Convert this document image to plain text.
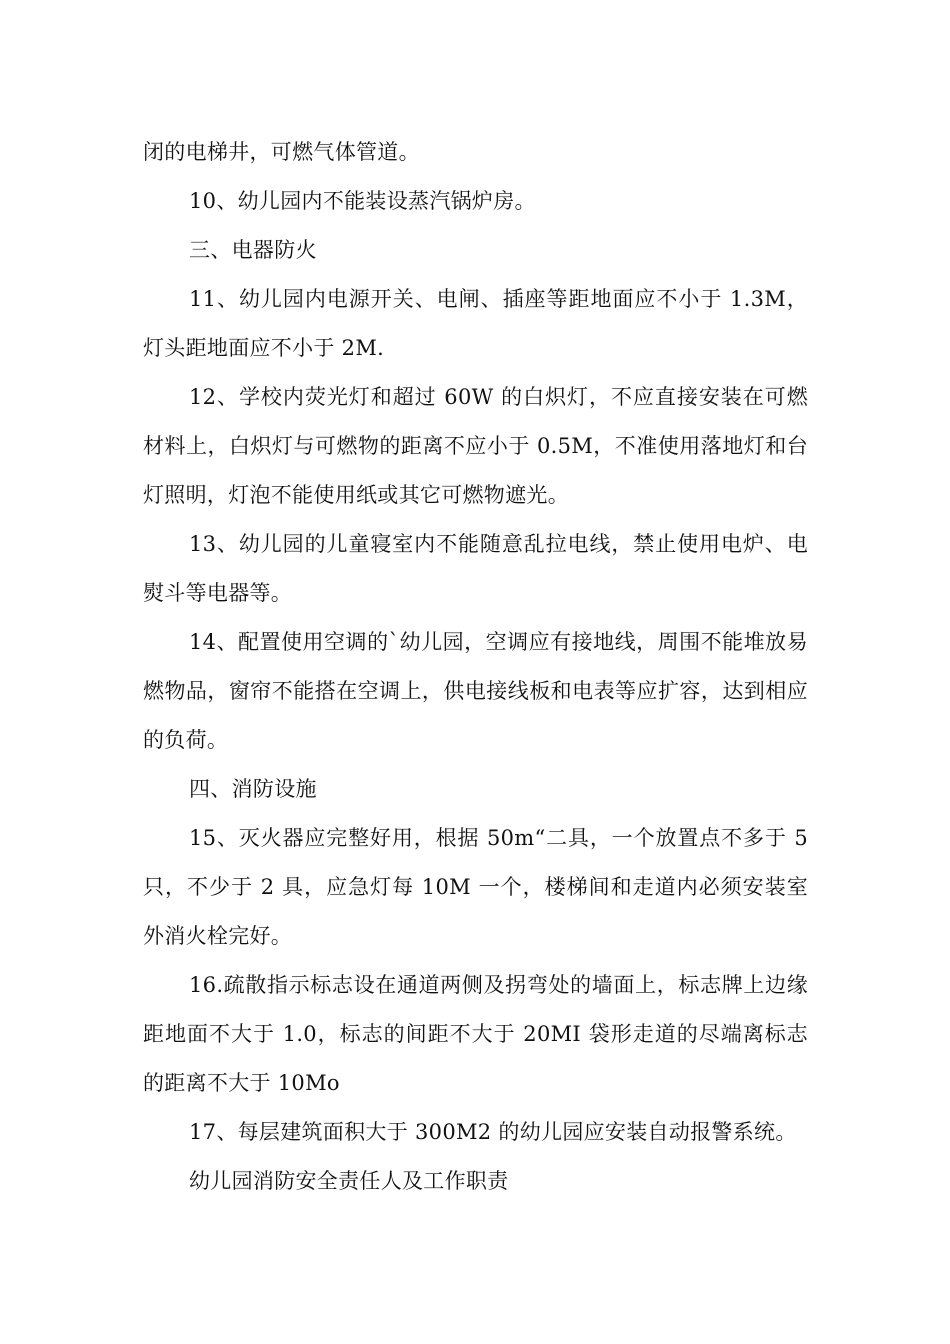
闭的电梯井，可燃气体管道。

10、幼儿园内不能装设蒸汽锅炉房。

三、电器防火

11、幼儿园内电源开关、电闸、插座等距地面应不小于 1.3M，灯头距地面应不小于 2M.

12、学校内荧光灯和超过 60W 的白炽灯，不应直接安装在可燃材料上，白炽灯与可燃物的距离不应小于 0.5M，不准使用落地灯和台灯照明，灯泡不能使用纸或其它可燃物遮光。

13、幼儿园的儿童寝室内不能随意乱拉电线，禁止使用电炉、电熨斗等电器等。

14、配置使用空调的`幼儿园，空调应有接地线，周围不能堆放易燃物品，窗帘不能搭在空调上，供电接线板和电表等应扩容，达到相应的负荷。

四、消防设施

15、灭火器应完整好用，根据 50m“二具，一个放置点不多于 5 只，不少于 2 具，应急灯每 10M 一个，楼梯间和走道内必须安装室外消火栓完好。

16.疏散指示标志设在通道两侧及拐弯处的墙面上，标志牌上边缘距地面不大于 1.0，标志的间距不大于 20MI 袋形走道的尽端离标志的距离不大于 10Mo

17、每层建筑面积大于 300M2 的幼儿园应安装自动报警系统。

幼儿园消防安全责任人及工作职责
